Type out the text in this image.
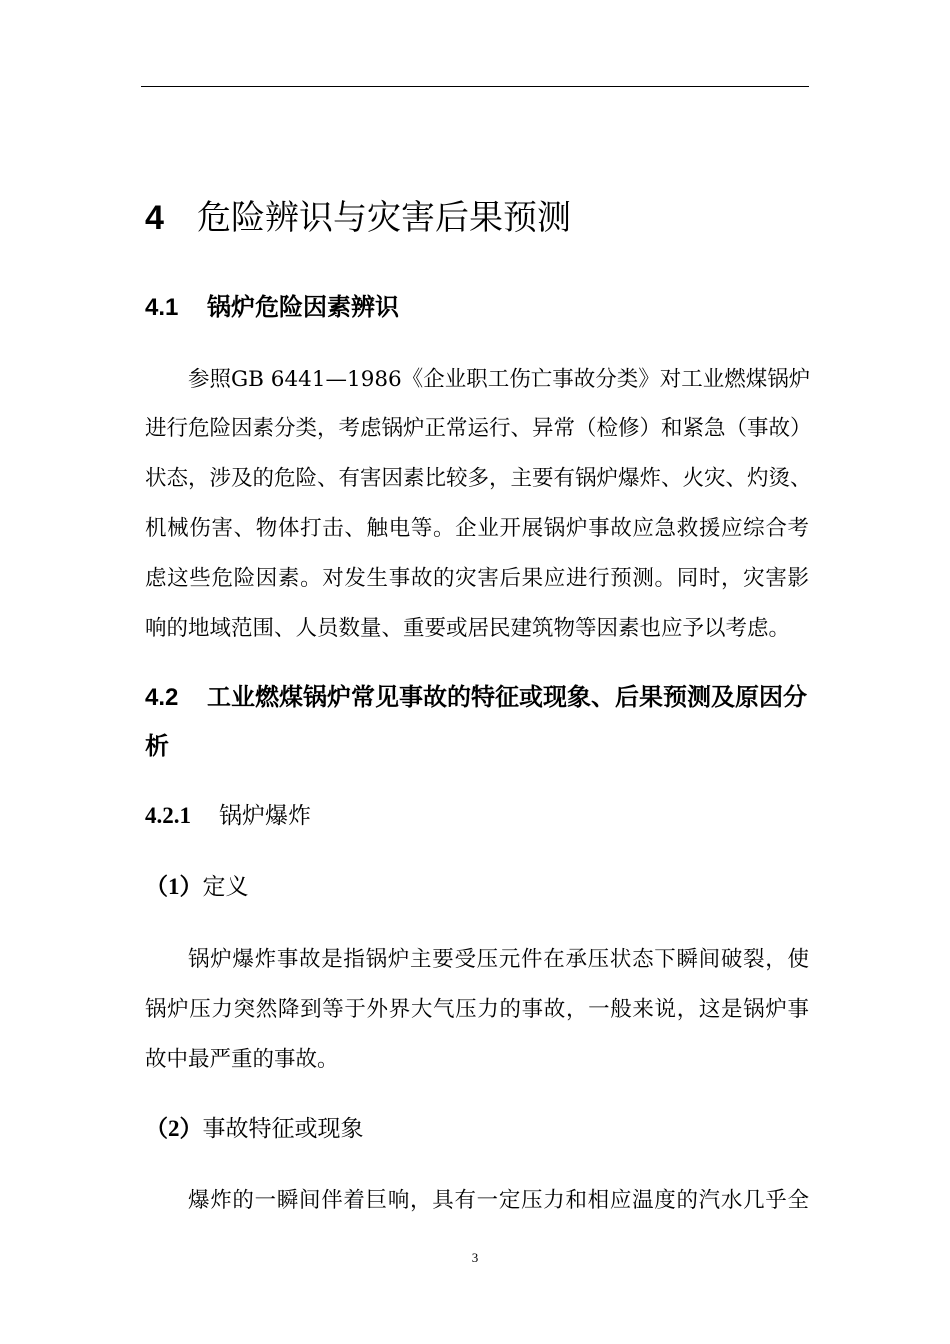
4 危险辨识与灾害后果预测
4.1 锅炉危险因素辨识
参照GB 6441—1986《企业职工伤亡事故分类》对工业燃煤锅炉
进行危险因素分类，考虑锅炉正常运行、异常（检修）和紧急（事故）
状态，涉及的危险、有害因素比较多，主要有锅炉爆炸、火灾、灼烫、
机械伤害、物体打击、触电等。企业开展锅炉事故应急救援应综合考
虑这些危险因素。对发生事故的灾害后果应进行预测。同时，灾害影
响的地域范围、人员数量、重要或居民建筑物等因素也应予以考虑。
4.2 工业燃煤锅炉常见事故的特征或现象、后果预测及原因分析
4.2.1 锅炉爆炸
（1）定义
锅炉爆炸事故是指锅炉主要受压元件在承压状态下瞬间破裂，使
锅炉压力突然降到等于外界大气压力的事故，一般来说，这是锅炉事
故中最严重的事故。
（2）事故特征或现象
爆炸的一瞬间伴着巨响，具有一定压力和相应温度的汽水几乎全
3
